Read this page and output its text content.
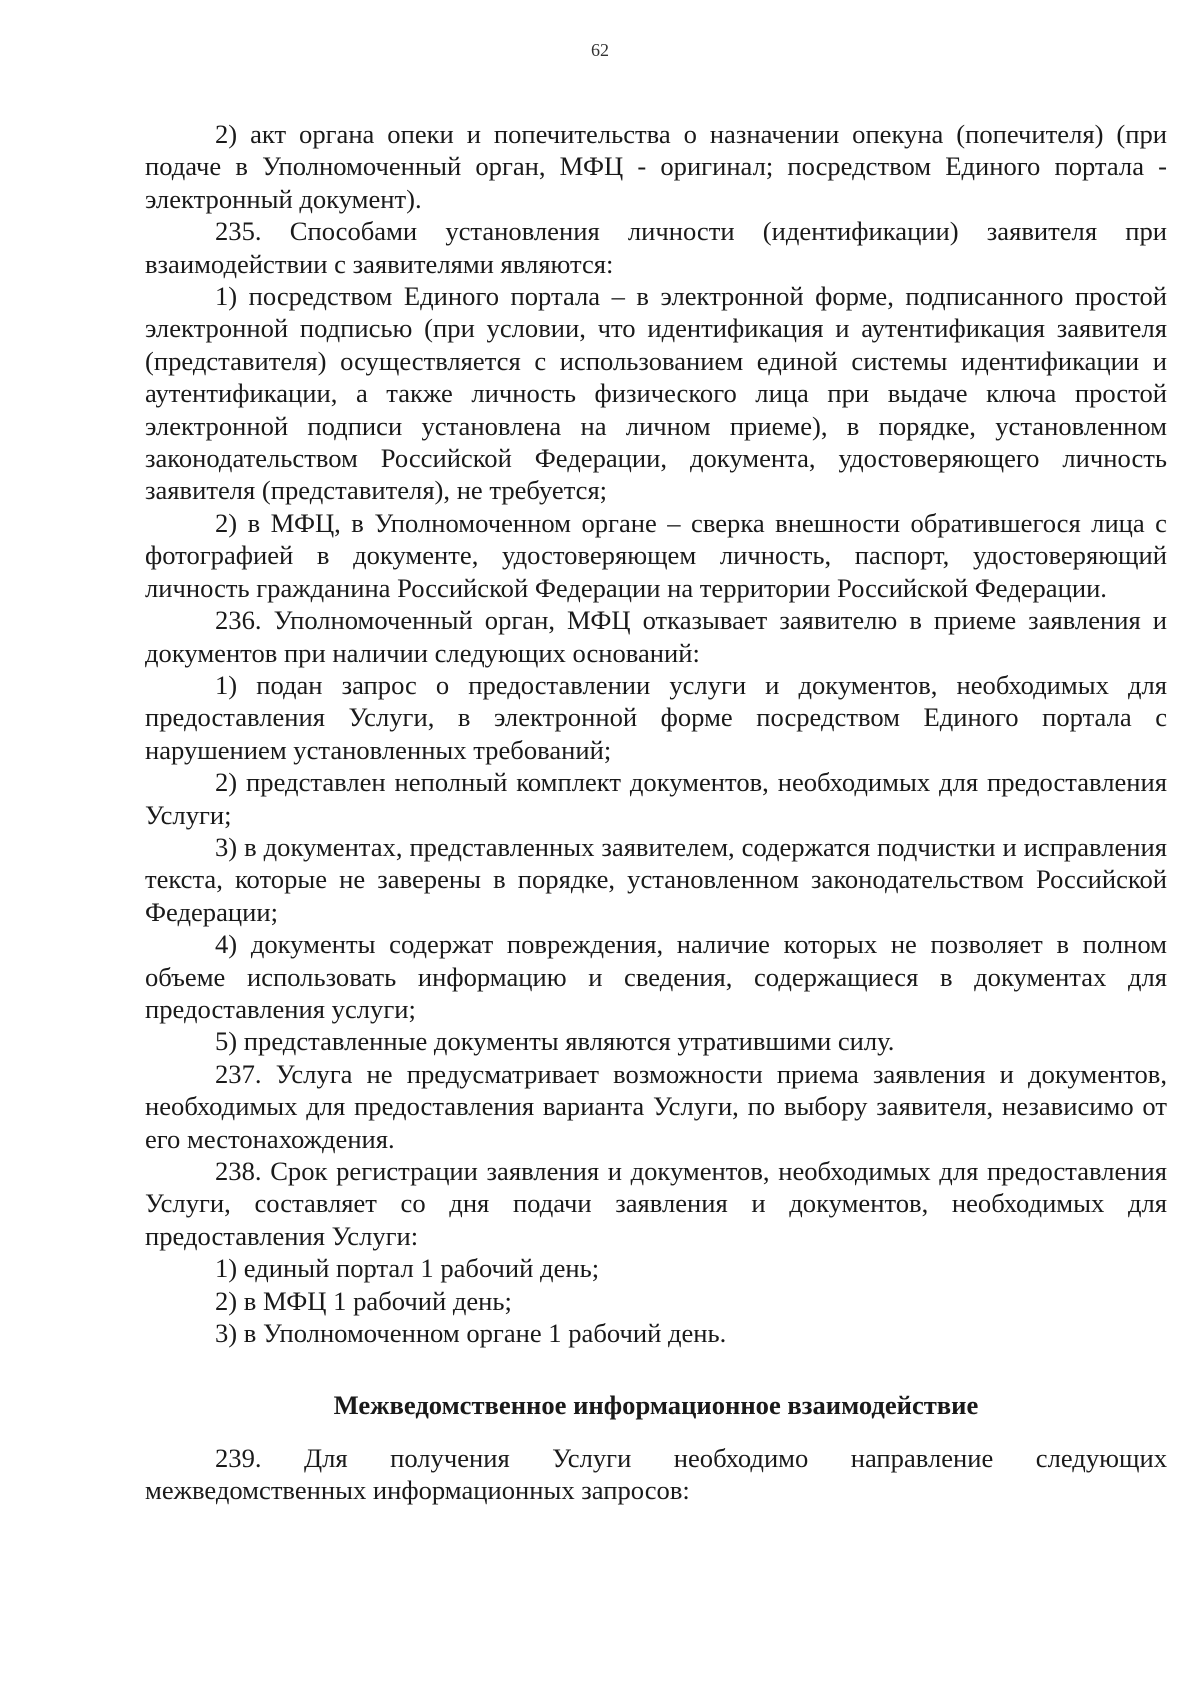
62

2) акт органа опеки и попечительства о назначении опекуна (попечителя) (при подаче в Уполномоченный орган, МФЦ - оригинал; посредством Единого портала - электронный документ).

235. Способами установления личности (идентификации) заявителя при взаимодействии с заявителями являются:

1) посредством Единого портала – в электронной форме, подписанного простой электронной подписью (при условии, что идентификация и аутентификация заявителя (представителя) осуществляется с использованием единой системы идентификации и аутентификации, а также личность физического лица при выдаче ключа простой электронной подписи установлена на личном приеме), в порядке, установленном законодательством Российской Федерации, документа, удостоверяющего личность заявителя (представителя), не требуется;

2) в МФЦ, в Уполномоченном органе – сверка внешности обратившегося лица с фотографией в документе, удостоверяющем личность, паспорт, удостоверяющий личность гражданина Российской Федерации на территории Российской Федерации.

236. Уполномоченный орган, МФЦ отказывает заявителю в приеме заявления и документов при наличии следующих оснований:

1) подан запрос о предоставлении услуги и документов, необходимых для предоставления Услуги, в электронной форме посредством Единого портала с нарушением установленных требований;

2) представлен неполный комплект документов, необходимых для предоставления Услуги;

3) в документах, представленных заявителем, содержатся подчистки и исправления текста, которые не заверены в порядке, установленном законодательством Российской Федерации;

4) документы содержат повреждения, наличие которых не позволяет в полном объеме использовать информацию и сведения, содержащиеся в документах для предоставления услуги;

5) представленные документы являются утратившими силу.

237. Услуга не предусматривает возможности приема заявления и документов, необходимых для предоставления варианта Услуги, по выбору заявителя, независимо от его местонахождения.

238. Срок регистрации заявления и документов, необходимых для предоставления Услуги, составляет со дня подачи заявления и документов, необходимых для предоставления Услуги:

1) единый портал 1 рабочий день;

2) в МФЦ 1 рабочий день;

3) в Уполномоченном органе 1 рабочий день.

Межведомственное информационное взаимодействие

239. Для получения Услуги необходимо направление следующих межведомственных информационных запросов:
